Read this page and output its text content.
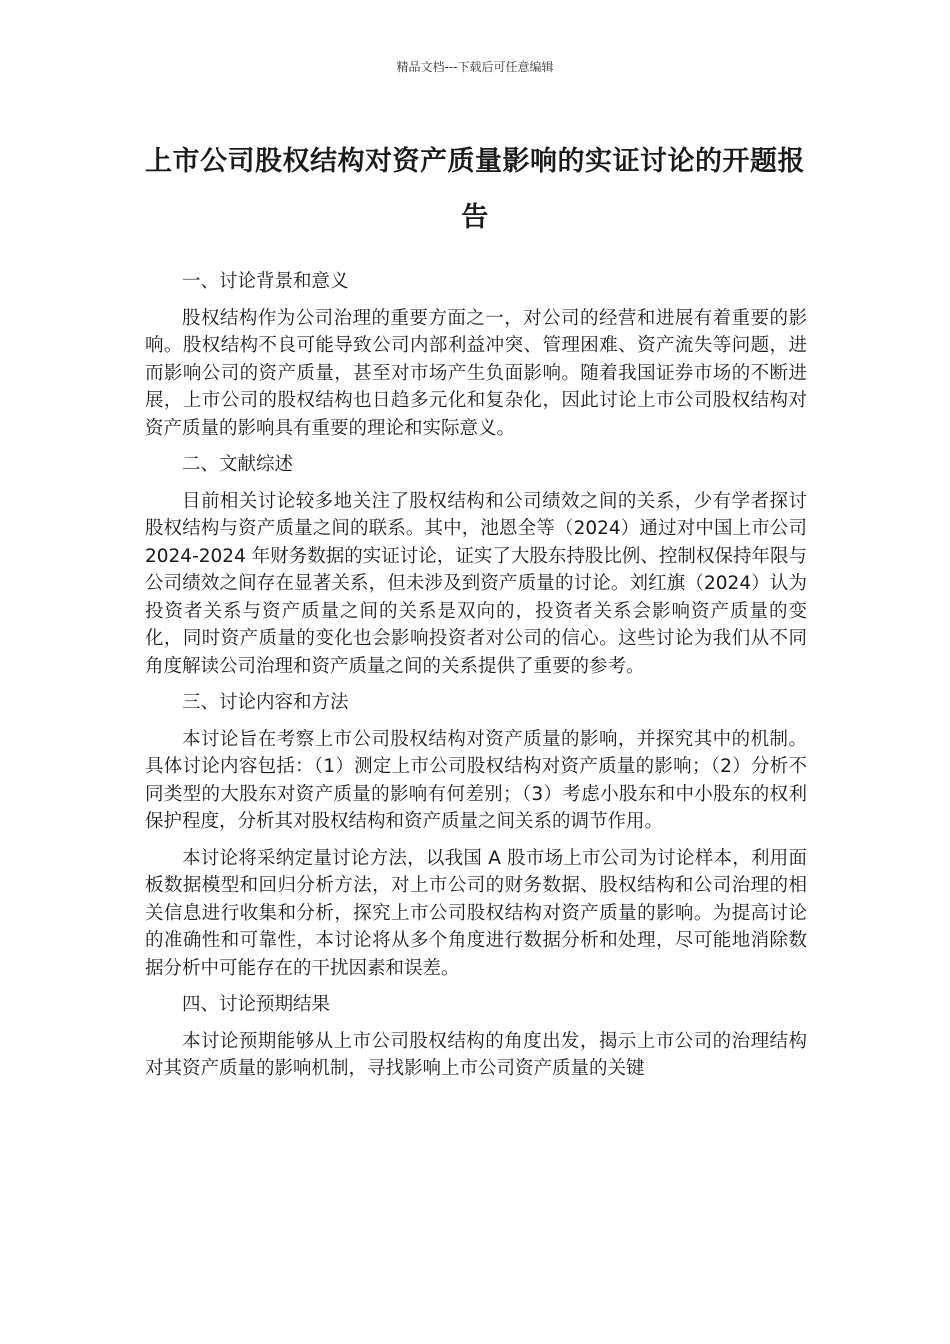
精品文档---下载后可任意编辑
上市公司股权结构对资产质量影响的实证讨论的开题报告

一、讨论背景和意义

股权结构作为公司治理的重要方面之一，对公司的经营和进展有着重要的影响。股权结构不良可能导致公司内部利益冲突、管理困难、资产流失等问题，进而影响公司的资产质量，甚至对市场产生负面影响。随着我国证券市场的不断进展，上市公司的股权结构也日趋多元化和复杂化，因此讨论上市公司股权结构对资产质量的影响具有重要的理论和实际意义。

二、文献综述

目前相关讨论较多地关注了股权结构和公司绩效之间的关系，少有学者探讨股权结构与资产质量之间的联系。其中，池恩全等（2024）通过对中国上市公司 2024-2024 年财务数据的实证讨论，证实了大股东持股比例、控制权保持年限与公司绩效之间存在显著关系，但未涉及到资产质量的讨论。刘红旗（2024）认为投资者关系与资产质量之间的关系是双向的，投资者关系会影响资产质量的变化，同时资产质量的变化也会影响投资者对公司的信心。这些讨论为我们从不同角度解读公司治理和资产质量之间的关系提供了重要的参考。

三、讨论内容和方法

本讨论旨在考察上市公司股权结构对资产质量的影响，并探究其中的机制。具体讨论内容包括：（1）测定上市公司股权结构对资产质量的影响；（2）分析不同类型的大股东对资产质量的影响有何差别；（3）考虑小股东和中小股东的权利保护程度，分析其对股权结构和资产质量之间关系的调节作用。

本讨论将采纳定量讨论方法，以我国 A 股市场上市公司为讨论样本，利用面板数据模型和回归分析方法，对上市公司的财务数据、股权结构和公司治理的相关信息进行收集和分析，探究上市公司股权结构对资产质量的影响。为提高讨论的准确性和可靠性，本讨论将从多个角度进行数据分析和处理，尽可能地消除数据分析中可能存在的干扰因素和误差。

四、讨论预期结果

本讨论预期能够从上市公司股权结构的角度出发，揭示上市公司的治理结构对其资产质量的影响机制，寻找影响上市公司资产质量的关键
